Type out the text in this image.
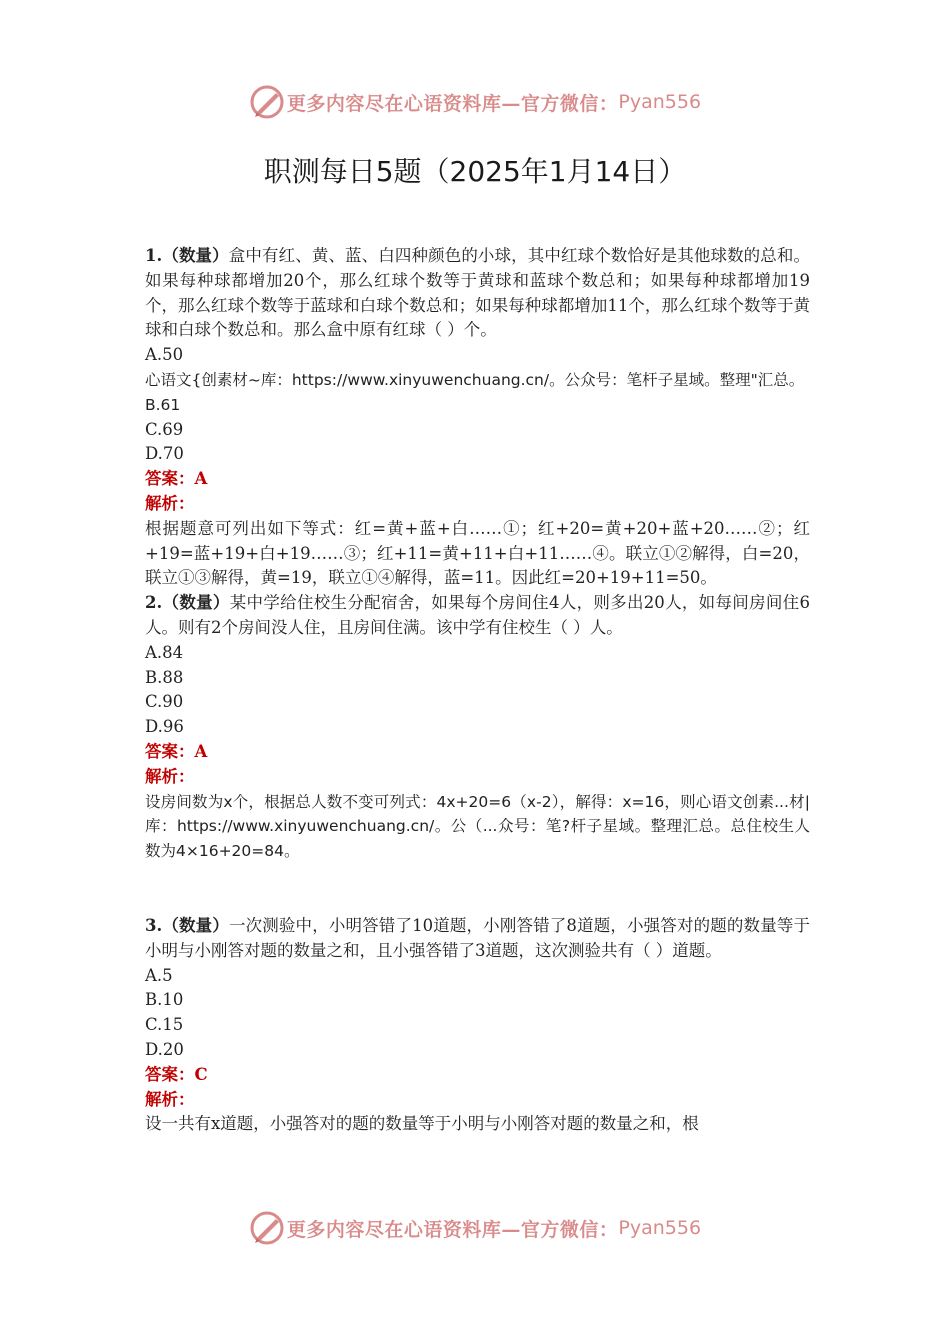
更多内容尽在心语资料库—官方微信： Pyan556
职测每日5题（2025年1月14日）

1.（数量）盒中有红、黄、蓝、白四种颜色的小球，其中红球个数恰好是其他球数的总和。如果每种球都增加20个，那么红球个数等于黄球和蓝球个数总和；如果每种球都增加19个，那么红球个数等于蓝球和白球个数总和；如果每种球都增加11个，那么红球个数等于黄球和白球个数总和。那么盒中原有红球（ ）个。

A.50

心语文{创素材~库：https://www.xinyuwenchuang.cn/。公众号：笔杆子星域。整理"汇总。B.61

C.69

D.70

答案：A

解析：

根据题意可列出如下等式：红=黄+蓝+白……①；红+20=黄+20+蓝+20……②；红+19=蓝+19+白+19……③；红+11=黄+11+白+11……④。联立①②解得，白=20，联立①③解得，黄=19，联立①④解得，蓝=11。因此红=20+19+11=50。

2.（数量）某中学给住校生分配宿舍，如果每个房间住4人，则多出20人，如每间房间住6人。则有2个房间没人住，且房间住满。该中学有住校生（ ）人。

A.84

B.88

C.90

D.96

答案：A

解析：

设房间数为x个，根据总人数不变可列式：4x+20=6（x-2），解得：x=16，则心语文创素...材|库：https://www.xinyuwenchuang.cn/。公（...众号：笔?杆子星域。整理汇总。总住校生人数为4×16+20=84。

3.（数量）一次测验中，小明答错了10道题，小刚答错了8道题，小强答对的题的数量等于小明与小刚答对题的数量之和，且小强答错了3道题，这次测验共有（ ）道题。

A.5

B.10

C.15

D.20

答案：C

解析：

设一共有x道题，小强答对的题的数量等于小明与小刚答对题的数量之和，根

更多内容尽在心语资料库—官方微信： Pyan556
